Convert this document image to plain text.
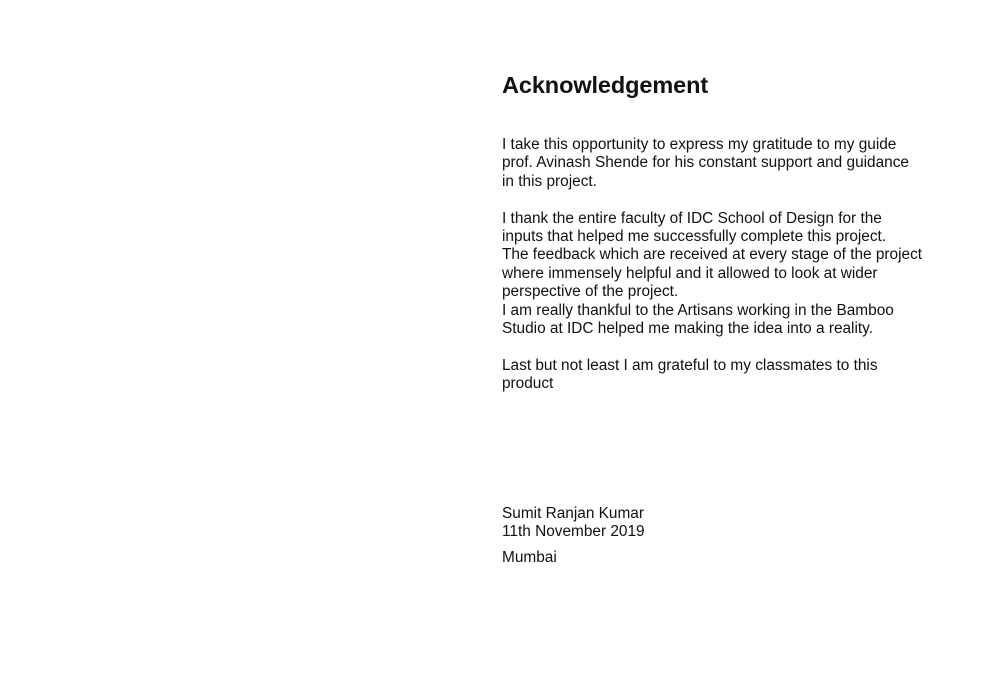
Acknowledgement

I take this opportunity to express my gratitude to my guide
prof. Avinash Shende for his constant support and guidance
in this project.

I thank the entire faculty of IDC School of Design for the
inputs that helped me successfully complete this project.
The feedback which are received at every stage of the project
where immensely helpful and it allowed to look at wider
perspective of the project.
I am really thankful to the Artisans working in the Bamboo
Studio at IDC helped me making the idea into a reality.

Last but not least I am grateful to my classmates to this
product

Sumit Ranjan Kumar
11th November 2019
Mumbai
